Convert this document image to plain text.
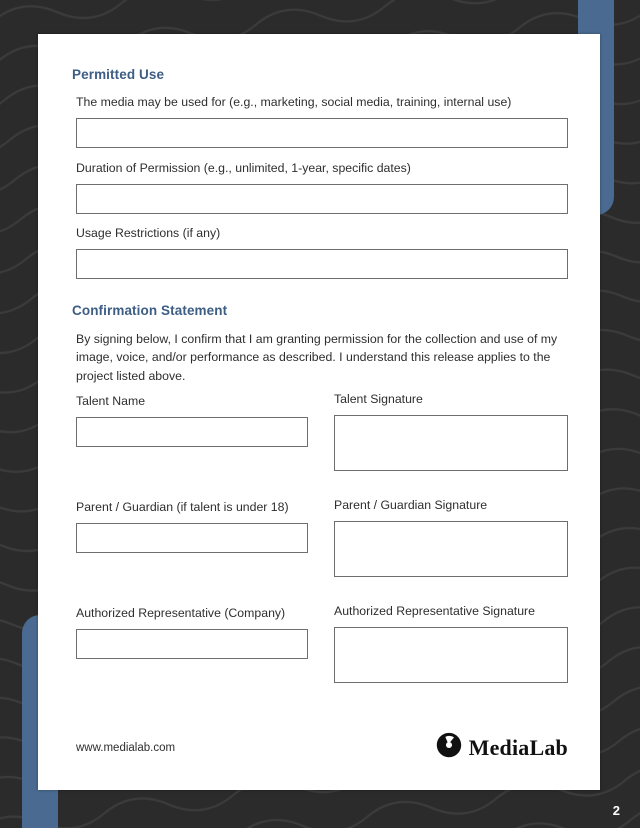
Permitted Use
The media may be used for (e.g., marketing, social media, training, internal use)
Duration of Permission (e.g., unlimited, 1-year, specific dates)
Usage Restrictions (if any)
Confirmation Statement
By signing below, I confirm that I am granting permission for the collection and use of my image, voice, and/or performance as described. I understand this release applies to the project listed above.
Talent Name	Talent Signature
Parent / Guardian (if talent is under 18)	Parent / Guardian Signature
Authorized Representative (Company)	Authorized Representative Signature
www.medialab.com	MediaLab
2
